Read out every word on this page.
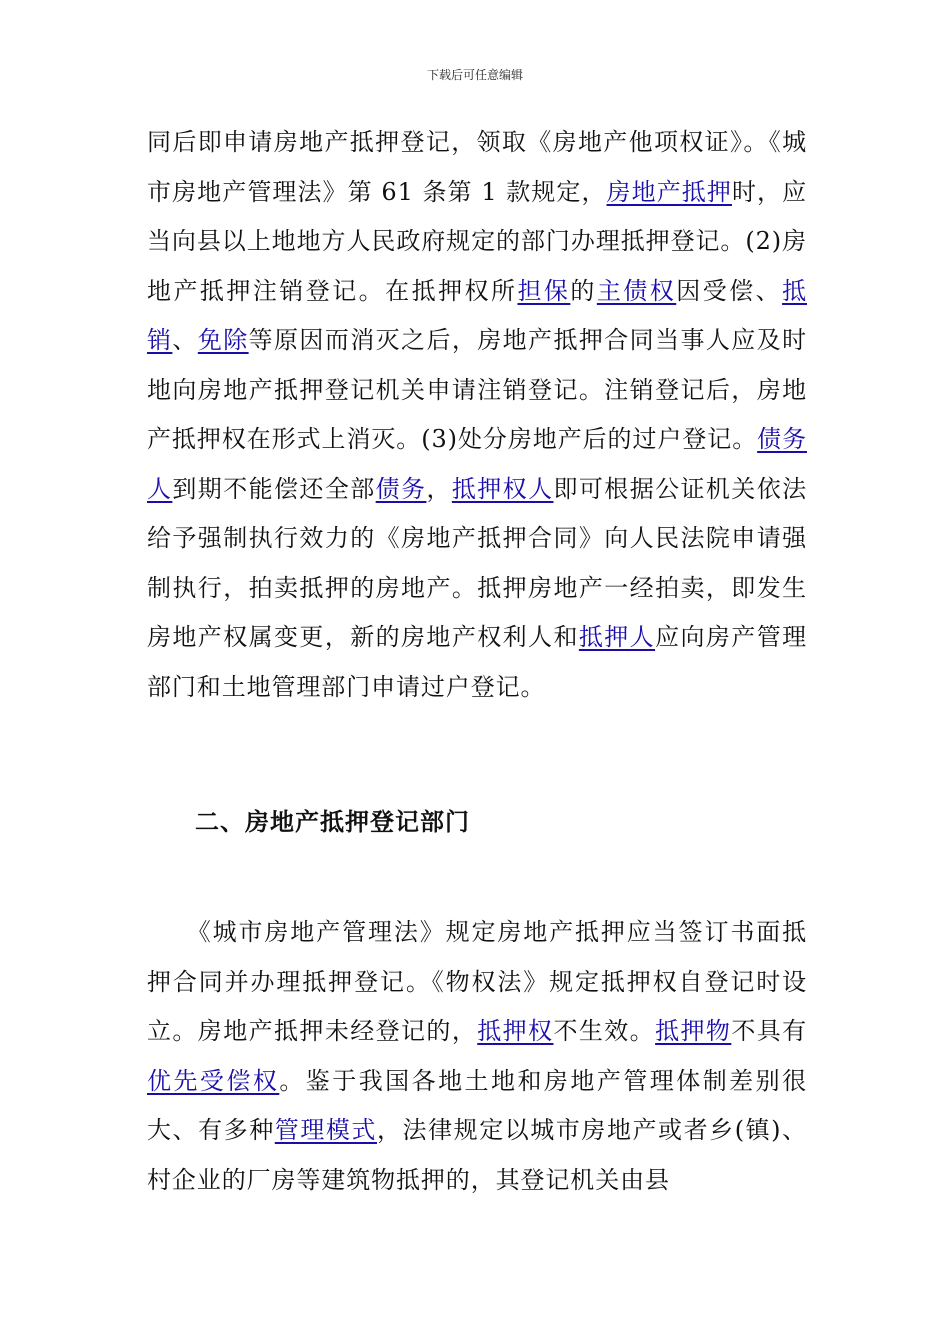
下载后可任意编辑

同后即申请房地产抵押登记，领取《房地产他项权证》。《城市房地产管理法》第 61 条第 1 款规定，房地产抵押时，应当向县以上地地方人民政府规定的部门办理抵押登记。(2)房地产抵押注销登记。在抵押权所担保的主债权因受偿、抵销、免除等原因而消灭之后，房地产抵押合同当事人应及时地向房地产抵押登记机关申请注销登记。注销登记后，房地产抵押权在形式上消灭。(3)处分房地产后的过户登记。债务人到期不能偿还全部债务，抵押权人即可根据公证机关依法给予强制执行效力的《房地产抵押合同》向人民法院申请强制执行，拍卖抵押的房地产。抵押房地产一经拍卖，即发生房地产权属变更，新的房地产权利人和抵押人应向房产管理部门和土地管理部门申请过户登记。

二、房地产抵押登记部门

　　《城市房地产管理法》规定房地产抵押应当签订书面抵押合同并办理抵押登记。《物权法》规定抵押权自登记时设立。房地产抵押未经登记的，抵押权不生效。抵押物不具有优先受偿权。鉴于我国各地土地和房地产管理体制差别很大、有多种管理模式，法律规定以城市房地产或者乡(镇)、村企业的厂房等建筑物抵押的，其登记机关由县
